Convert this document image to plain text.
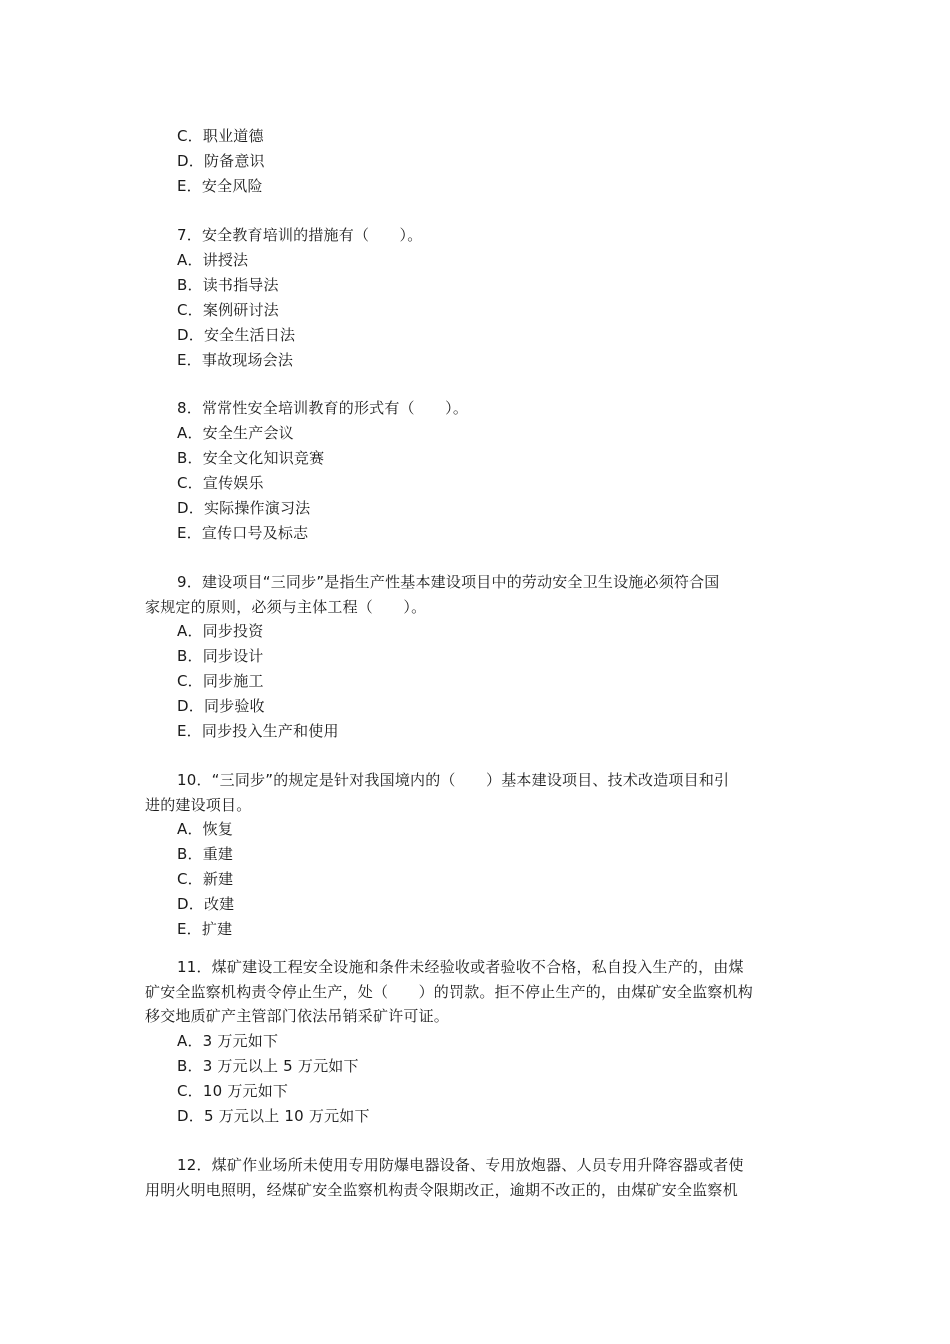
C．职业道德
D．防备意识
E．安全风险
7．安全教育培训的措施有（　　）。
A．讲授法
B．读书指导法
C．案例研讨法
D．安全生活日法
E．事故现场会法
8．常常性安全培训教育的形式有（　　）。
A．安全生产会议
B．安全文化知识竞赛
C．宣传娱乐
D．实际操作演习法
E．宣传口号及标志
9．建设项目“三同步”是指生产性基本建设项目中的劳动安全卫生设施必须符合国
家规定的原则，必须与主体工程（　　）。
A．同步投资
B．同步设计
C．同步施工
D．同步验收
E．同步投入生产和使用
10．“三同步”的规定是针对我国境内的（　　）基本建设项目、技术改造项目和引
进的建设项目。
A．恢复
B．重建
C．新建
D．改建
E．扩建
11．煤矿建设工程安全设施和条件未经验收或者验收不合格，私自投入生产的，由煤
矿安全监察机构责令停止生产，处（　　）的罚款。拒不停止生产的，由煤矿安全监察机构
移交地质矿产主管部门依法吊销采矿许可证。
A．3 万元如下
B．3 万元以上 5 万元如下
C．10 万元如下
D．5 万元以上 10 万元如下
12．煤矿作业场所未使用专用防爆电器设备、专用放炮器、人员专用升降容器或者使
用明火明电照明，经煤矿安全监察机构责令限期改正，逾期不改正的，由煤矿安全监察机
